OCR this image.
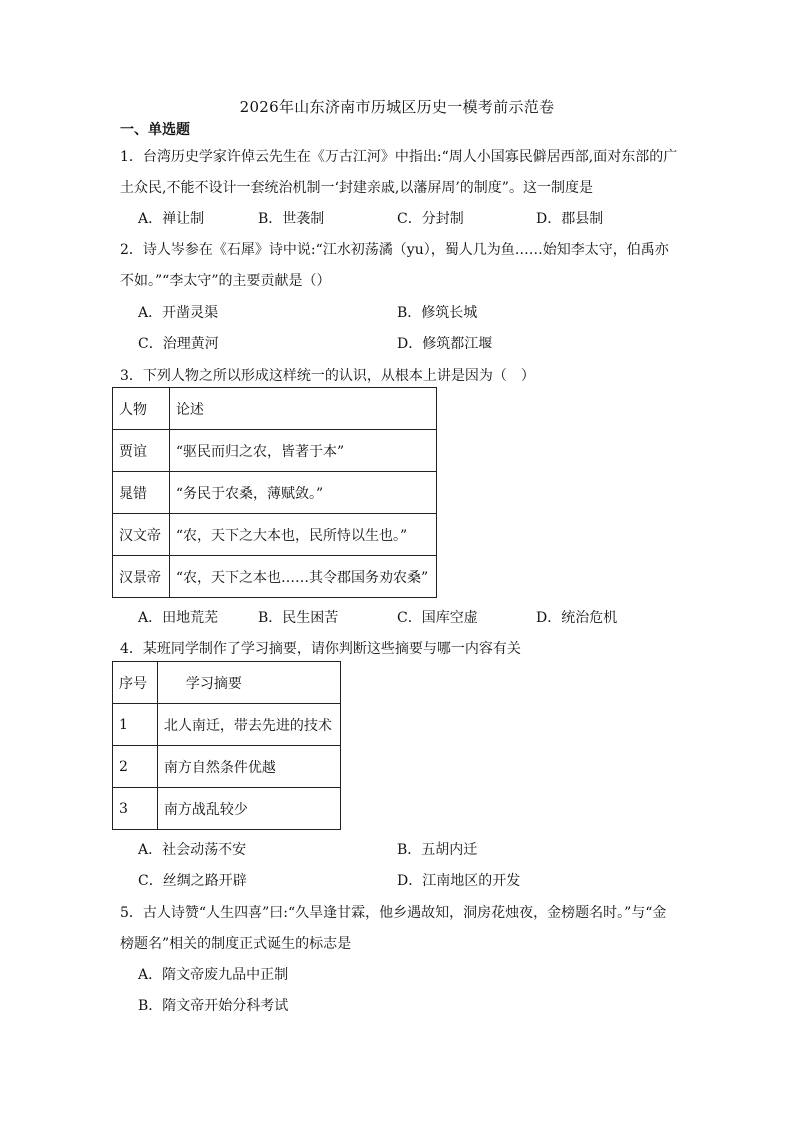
2026年山东济南市历城区历史一模考前示范卷
一、单选题
1．台湾历史学家许倬云先生在《万古江河》中指出:“周人小国寡民僻居西部,面对东部的广
土众民,不能不设计一套统治机制一‘封建亲戚,以藩屏周’的制度”。这一制度是
A．禅让制	B．世袭制	C．分封制	D．郡县制
2．诗人岑参在《石犀》诗中说:“江水初荡潏（yu），蜀人几为鱼……始知李太守，伯禹亦
不如。”“李太守”的主要贡献是（）
A．开凿灵渠	B．修筑长城
C．治理黄河	D．修筑都江堰
3．下列人物之所以形成这样统一的认识，从根本上讲是因为（　）
人物	论述
贾谊	“驱民而归之农，皆著于本”
晁错	“务民于农桑，薄赋敛。”
汉文帝	“农，天下之大本也，民所恃以生也。”
汉景帝	“农，天下之本也……其令郡国务劝农桑”
A．田地荒芜	B．民生困苦	C．国库空虚	D．统治危机
4．某班同学制作了学习摘要，请你判断这些摘要与哪一内容有关
序号	学习摘要
1	北人南迁，带去先进的技术
2	南方自然条件优越
3	南方战乱较少
A．社会动荡不安	B．五胡内迁
C．丝绸之路开辟	D．江南地区的开发
5．古人诗赞“人生四喜”曰:“久旱逢甘霖，他乡遇故知，洞房花烛夜，金榜题名时。”与“金
榜题名”相关的制度正式诞生的标志是
A．隋文帝废九品中正制
B．隋文帝开始分科考试
